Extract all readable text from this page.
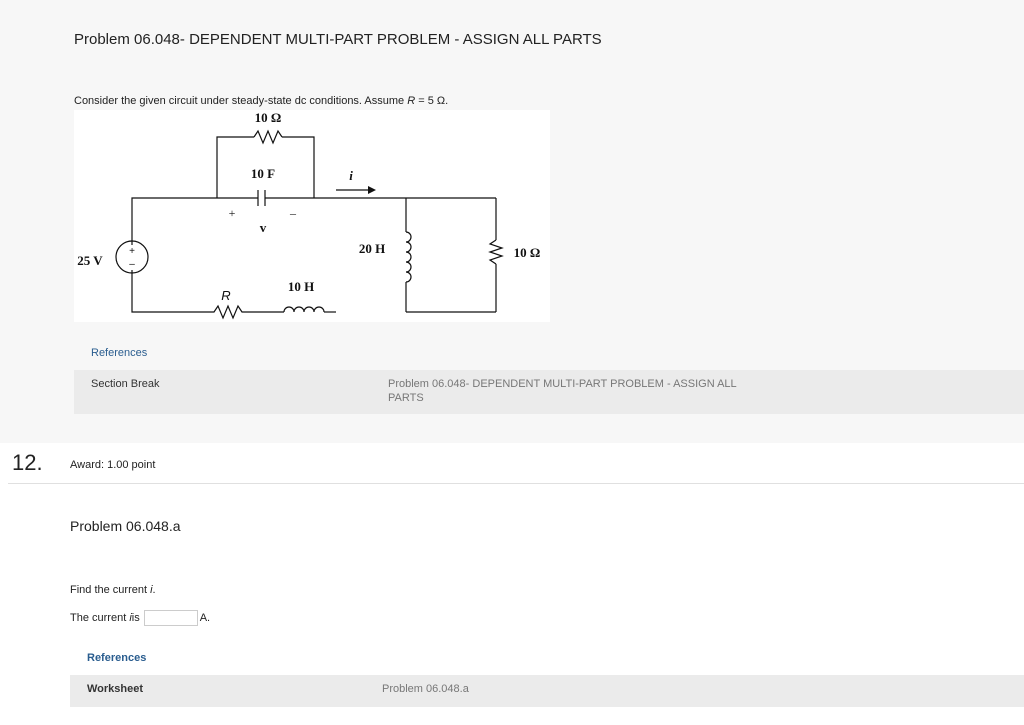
Problem 06.048- DEPENDENT MULTI-PART PROBLEM - ASSIGN ALL PARTS
Consider the given circuit under steady-state dc conditions. Assume R = 5 Ω.
10 Ω
10 F
+	–
v
i
25 V
+
–
R
10 H
20 H	10 Ω
References
Section Break	Problem 06.048- DEPENDENT MULTI-PART PROBLEM - ASSIGN ALL PARTS
12. Award: 1.00 point
Problem 06.048.a
Find the current i.
The current
i is	A.
References
Worksheet	Problem 06.048.a
